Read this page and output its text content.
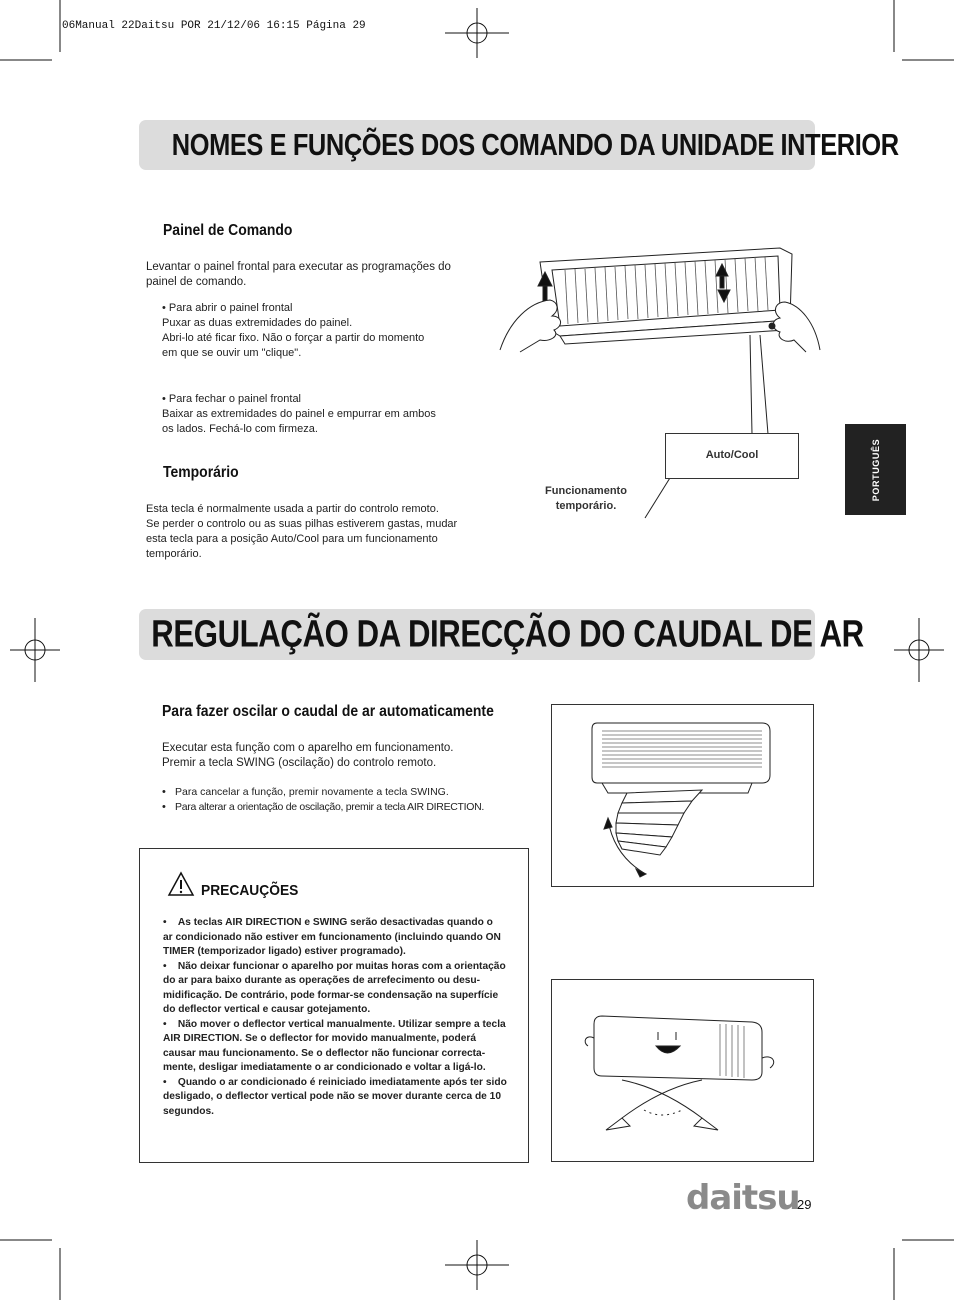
06Manual 22Daitsu POR 21/12/06 16:15 Página 29
NOMES E FUNÇÕES DOS COMANDO DA UNIDADE INTERIOR
Painel de Comando
Levantar o painel frontal para executar as programações do painel de comando.
• Para abrir o painel frontal
Puxar as duas extremidades do painel.
Abri-lo até ficar fixo. Não o forçar a partir do momento
em que se ouvir um "clique".
• Para fechar o painel frontal
Baixar as extremidades do painel e empurrar em ambos
os lados. Fechá-lo com firmeza.
Temporário
Esta tecla é normalmente usada a partir do controlo remoto.
Se perder o controlo ou as suas pilhas estiverem gastas, mudar
esta tecla para a posição Auto/Cool para um funcionamento
temporário.
Auto/Cool
Funcionamento
temporário.
PORTUGUÊS
REGULAÇÃO DA DIRECÇÃO DO CAUDAL DE AR
Para fazer oscilar o caudal de ar automaticamente
Executar esta função com o aparelho em funcionamento.
Premir a tecla SWING (oscilação) do controlo remoto.
•   Para cancelar a função, premir novamente a tecla SWING.
•   Para alterar a orientação de oscilação, premir a tecla AIR DIRECTION.
PRECAUÇÕES
•    As teclas AIR DIRECTION e SWING serão desactivadas quando o
ar condicionado não estiver em funcionamento (incluindo quando ON
TIMER (temporizador ligado) estiver programado).
•    Não deixar funcionar o aparelho por muitas horas com a orientação
do ar para baixo durante as operações de arrefecimento ou desu-
midificação. De contrário, pode formar-se condensação na superfície
do deflector vertical e causar gotejamento.
•    Não mover o deflector vertical manualmente. Utilizar sempre a tecla
AIR DIRECTION. Se o deflector for movido manualmente, poderá
causar mau funcionamento. Se o deflector não funcionar correcta-
mente, desligar imediatamente o ar condicionado e voltar a ligá-lo.
•    Quando o ar condicionado é reiniciado imediatamente após ter sido
desligado, o deflector vertical pode não se mover durante cerca de 10
segundos.
daitsu
29
